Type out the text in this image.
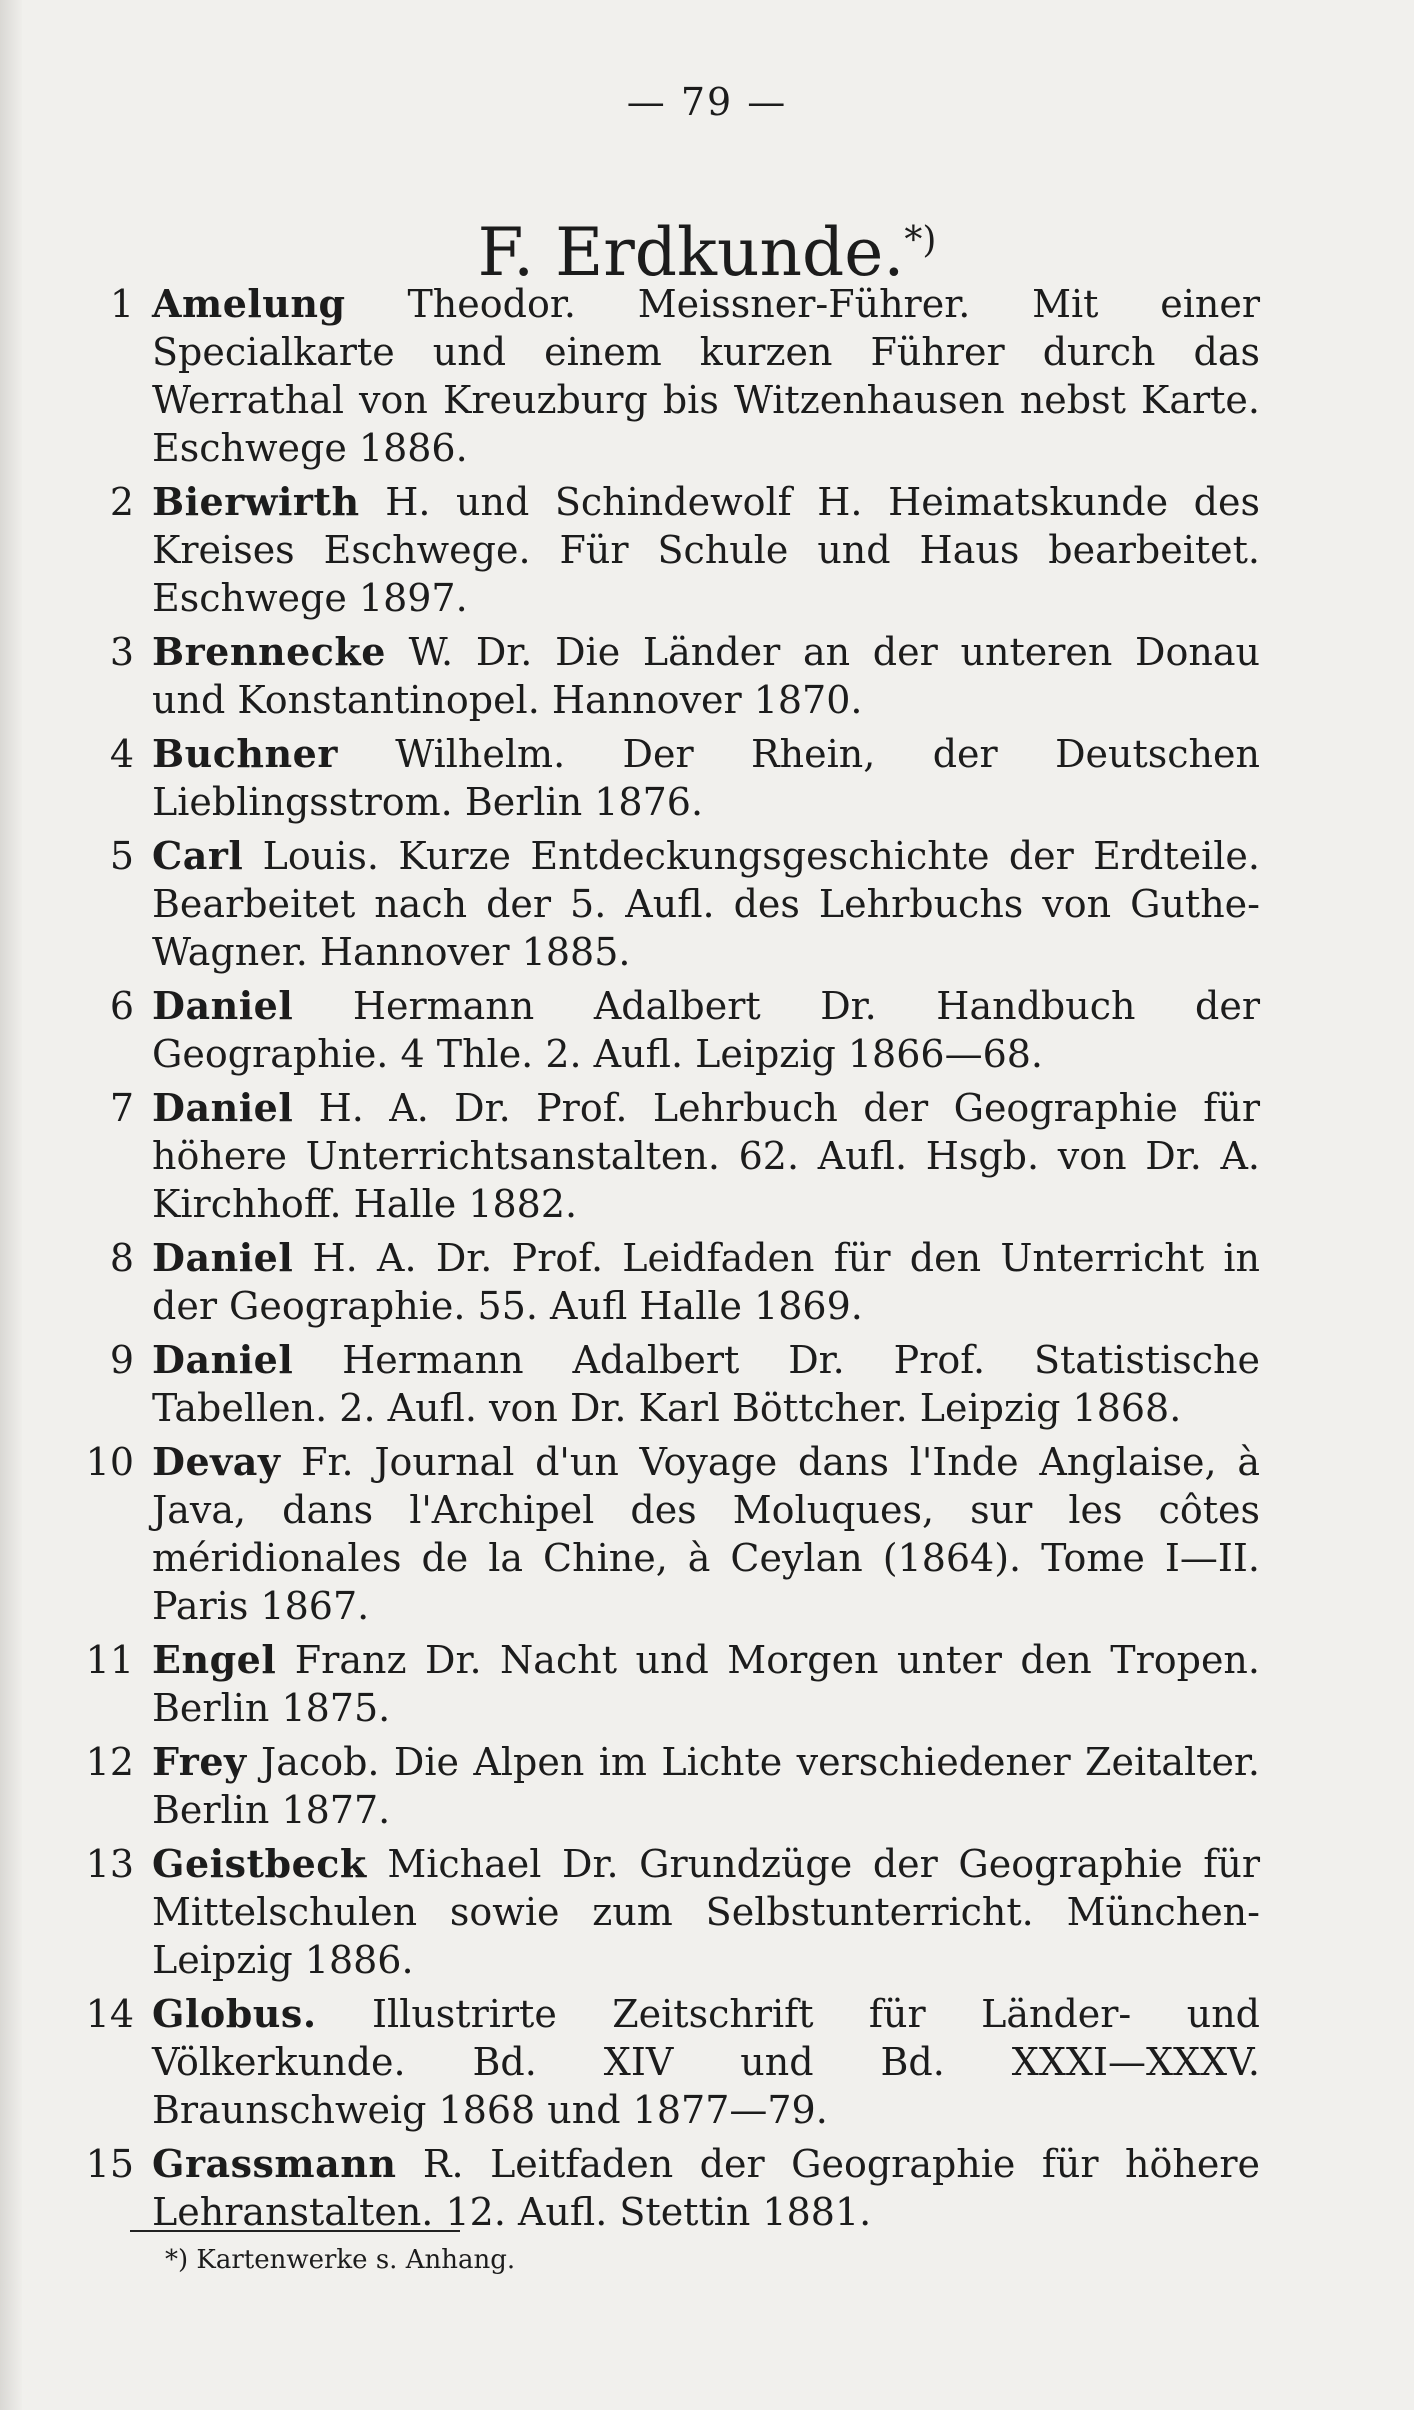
— 79 —
F. Erdkunde.*)
1 Amelung Theodor. Meissner-Führer. Mit einer Specialkarte und einem kurzen Führer durch das Werrathal von Kreuzburg bis Witzenhausen nebst Karte. Eschwege 1886.
2 Bierwirth H. und Schindewolf H. Heimatskunde des Kreises Eschwege. Für Schule und Haus bearbeitet. Eschwege 1897.
3 Brennecke W. Dr. Die Länder an der unteren Donau und Konstantinopel. Hannover 1870.
4 Buchner Wilhelm. Der Rhein, der Deutschen Lieblingsstrom. Berlin 1876.
5 Carl Louis. Kurze Entdeckungsgeschichte der Erdteile. Bearbeitet nach der 5. Aufl. des Lehrbuchs von Guthe-Wagner. Hannover 1885.
6 Daniel Hermann Adalbert Dr. Handbuch der Geographie. 4 Thle. 2. Aufl. Leipzig 1866—68.
7 Daniel H. A. Dr. Prof. Lehrbuch der Geographie für höhere Unterrichtsanstalten. 62. Aufl. Hsgb. von Dr. A. Kirchhoff. Halle 1882.
8 Daniel H. A. Dr. Prof. Leidfaden für den Unterricht in der Geographie. 55. Aufl Halle 1869.
9 Daniel Hermann Adalbert Dr. Prof. Statistische Tabellen. 2. Aufl. von Dr. Karl Böttcher. Leipzig 1868.
10 Devay Fr. Journal d'un Voyage dans l'Inde Anglaise, à Java, dans l'Archipel des Moluques, sur les côtes méridionales de la Chine, à Ceylan (1864). Tome I—II. Paris 1867.
11 Engel Franz Dr. Nacht und Morgen unter den Tropen. Berlin 1875.
12 Frey Jacob. Die Alpen im Lichte verschiedener Zeitalter. Berlin 1877.
13 Geistbeck Michael Dr. Grundzüge der Geographie für Mittelschulen sowie zum Selbstunterricht. München-Leipzig 1886.
14 Globus. Illustrirte Zeitschrift für Länder- und Völkerkunde. Bd. XIV und Bd. XXXI—XXXV. Braunschweig 1868 und 1877—79.
15 Grassmann R. Leitfaden der Geographie für höhere Lehranstalten. 12. Aufl. Stettin 1881.
*) Kartenwerke s. Anhang.
